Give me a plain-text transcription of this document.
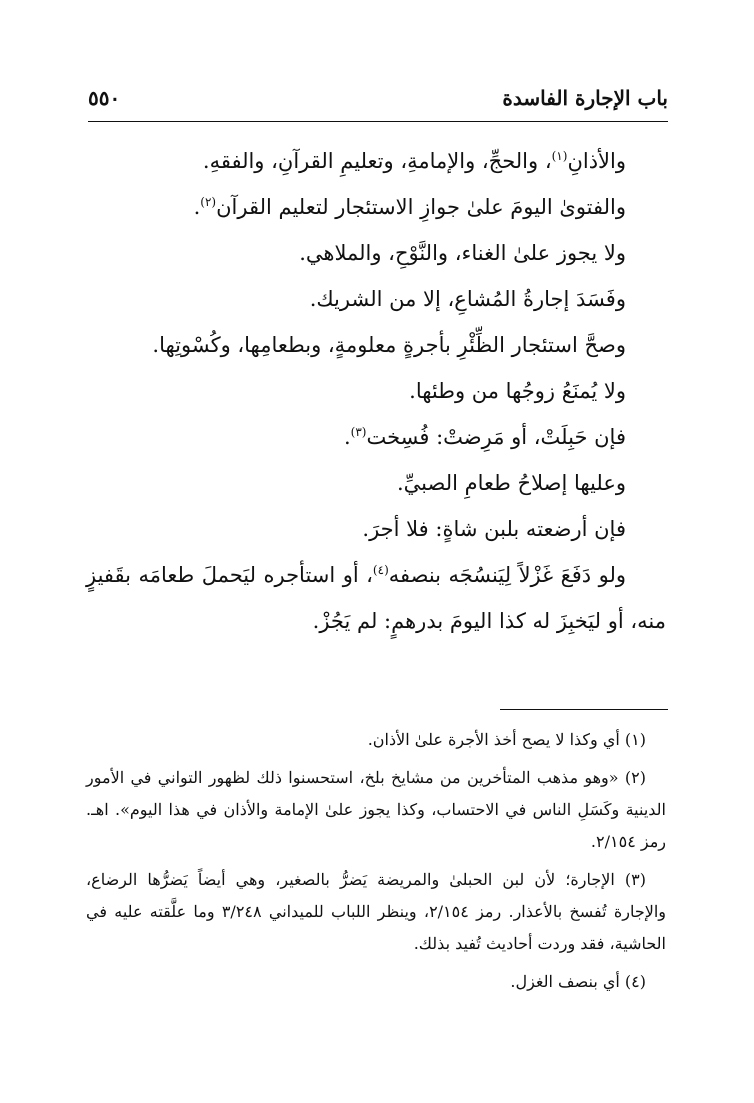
باب الإجارة الفاسدة
٥٥٠

والأذانِ$^{(١)}$، والحجِّ، والإمامةِ، وتعليمِ القرآنِ، والفقهِ.

والفتوىٰ اليومَ علىٰ جوازِ الاستئجار لتعليم القرآن$^{(٢)}$.

ولا يجوز علىٰ الغناء، والنَّوْحِ، والملاهي.

وفَسَدَ إجارةُ المُشاعِ، إلا من الشريك.

وصحَّ استئجار الظِّئْرِ بأجرةٍ معلومةٍ، وبطعامِها، وكُسْوتِها.

ولا يُمنَعُ زوجُها من وطئها.

فإن حَبِلَتْ، أو مَرِضتْ: فُسِخت$^{(٣)}$.

وعليها إصلاحُ طعامِ الصبيِّ.

فإن أرضعته بلبن شاةٍ: فلا أجرَ.

ولو دَفَعَ غَزْلاً لِيَنسُجَه بنصفه$^{(٤)}$، أو استأجره ليَحملَ طعامَه بقَفيزٍ منه، أو ليَخبِزَ له كذا اليومَ بدرهمٍ: لم يَجُزْ.

(١) أي وكذا لا يصح أخذ الأجرة علىٰ الأذان.

(٢) «وهو مذهب المتأخرين من مشايخ بلخ، استحسنوا ذلك لظهور التواني في الأمور الدينية وكَسَلِ الناس في الاحتساب، وكذا يجوز علىٰ الإمامة والأذان في هذا اليوم». اهـ. رمز ٢/١٥٤.

(٣) الإجارة؛ لأن لبن الحبلىٰ والمريضة يَضرُّ بالصغير، وهي أيضاً يَضرُّها الرضاع، والإجارة تُفسخ بالأعذار. رمز ٢/١٥٤، وينظر اللباب للميداني ٣/٢٤٨ وما علَّقته عليه في الحاشية، فقد وردت أحاديث تُفيد بذلك.

(٤) أي بنصف الغزل.
